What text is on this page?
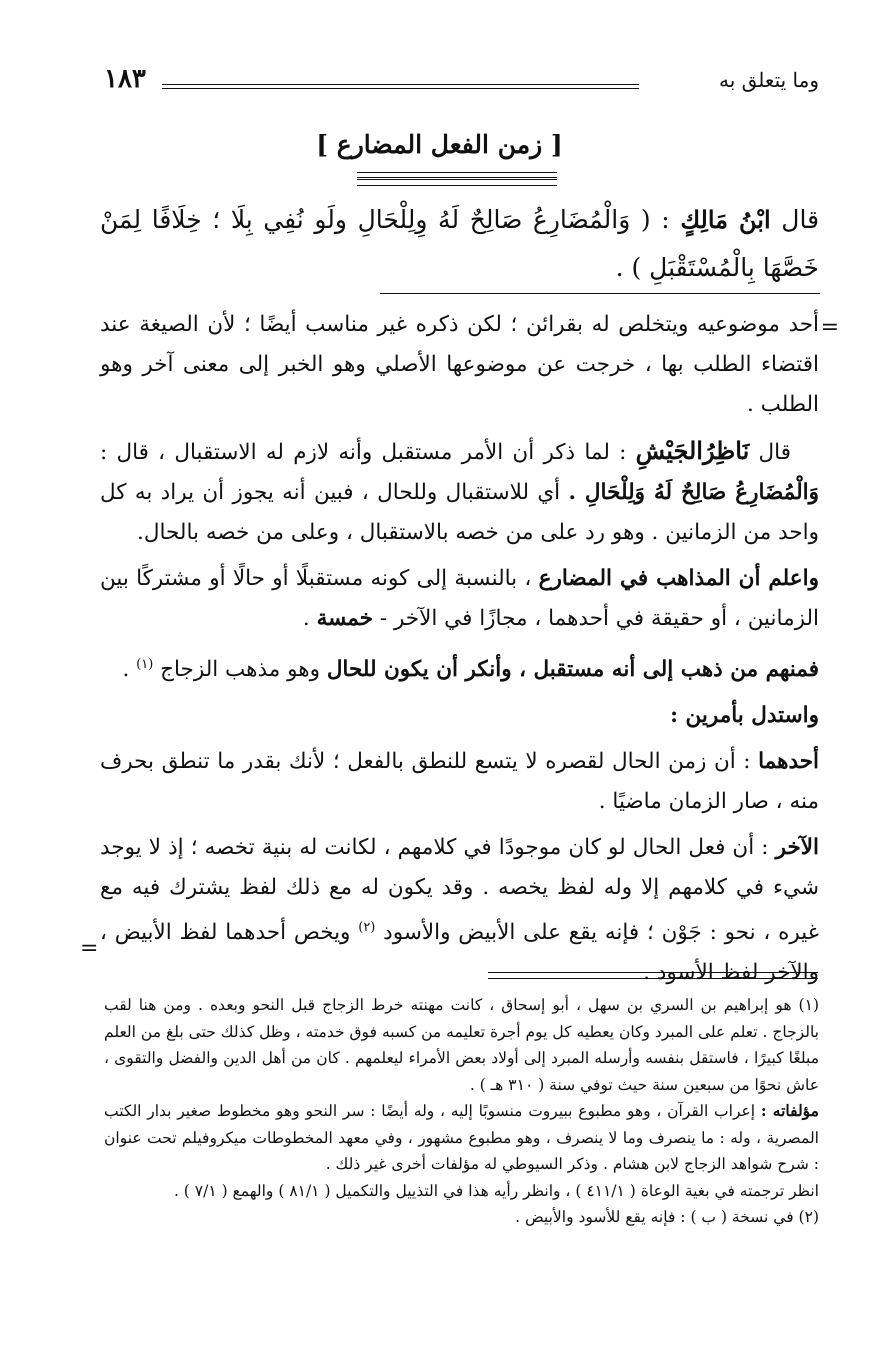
وما يتعلق به
١٨٣
[ زمن الفعل المضارع ]
قال ابْنُ مَالِكٍ : ( وَالْمُضَارِعُ صَالِحٌ لَهُ وِلِلْحَالِ ولَو نُفِي بِلَا ؛ خِلَافًا لِمَنْ خَصَّهَا بِالْمُسْتَقْبَلِ ) .
=
=

أحد موضوعيه ويتخلص له بقرائن ؛ لكن ذكره غير مناسب أيضًا ؛ لأن الصيغة عند اقتضاء الطلب بها ، خرجت عن موضوعها الأصلي وهو الخبر إلى معنى آخر وهو الطلب .

قال نَاظِرُالجَيْشِ : لما ذكر أن الأمر مستقبل وأنه لازم له الاستقبال ، قال : وَالْمُضَارِعُ صَالِحٌ لَهُ وَلِلْحَالِ . أي للاستقبال وللحال ، فبين أنه يجوز أن يراد به كل واحد من الزمانين . وهو رد على من خصه بالاستقبال ، وعلى من خصه بالحال.

واعلم أن المذاهب في المضارع ، بالنسبة إلى كونه مستقبلًا أو حالًا أو مشتركًا بين الزمانين ، أو حقيقة في أحدهما ، مجازًا في الآخر - خمسة .

فمنهم من ذهب إلى أنه مستقبل ، وأنكر أن يكون للحال وهو مذهب الزجاج $^{(١)}$ .

واستدل بأمرين :

أحدهما : أن زمن الحال لقصره لا يتسع للنطق بالفعل ؛ لأنك بقدر ما تنطق بحرف منه ، صار الزمان ماضيًا .

الآخر : أن فعل الحال لو كان موجودًا في كلامهم ، لكانت له بنية تخصه ؛ إذ لا يوجد شيء في كلامهم إلا وله لفظ يخصه . وقد يكون له مع ذلك لفظ يشترك فيه مع غيره ، نحو : جَوْن ؛ فإنه يقع على الأبيض والأسود $^{(٢)}$ ويخص أحدهما لفظ الأبيض ، والآخر لفظ الأسود .

(١) هو إبراهيم بن السري بن سهل ، أبو إسحاق ، كانت مهنته خرط الزجاج قبل النحو وبعده . ومن هنا لقب بالزجاج . تعلم على المبرد وكان يعطيه كل يوم أجرة تعليمه من كسبه فوق خدمته ، وظل كذلك حتى بلغ من العلم مبلغًا كبيرًا ، فاستقل بنفسه وأرسله المبرد إلى أولاد بعض الأمراء ليعلمهم . كان من أهل الدين والفضل والتقوى ، عاش نحوًا من سبعين سنة حيث توفي سنة ( ٣١٠ هـ ) .

مؤلفاته : إعراب القرآن ، وهو مطبوع ببيروت منسوبًا إليه ، وله أيضًا : سر النحو وهو مخطوط صغير بدار الكتب المصرية ، وله : ما ينصرف وما لا ينصرف ، وهو مطبوع مشهور ، وفي معهد المخطوطات ميكروفيلم تحت عنوان : شرح شواهد الزجاج لابن هشام . وذكر السيوطي له مؤلفات أخرى غير ذلك .

انظر ترجمته في بغية الوعاة ( ٤١١/١ ) ، وانظر رأيه هذا في التذييل والتكميل ( ٨١/١ ) والهمع ( ٧/١ ) .

(٢) في نسخة ( ب ) : فإنه يقع للأسود والأبيض .
